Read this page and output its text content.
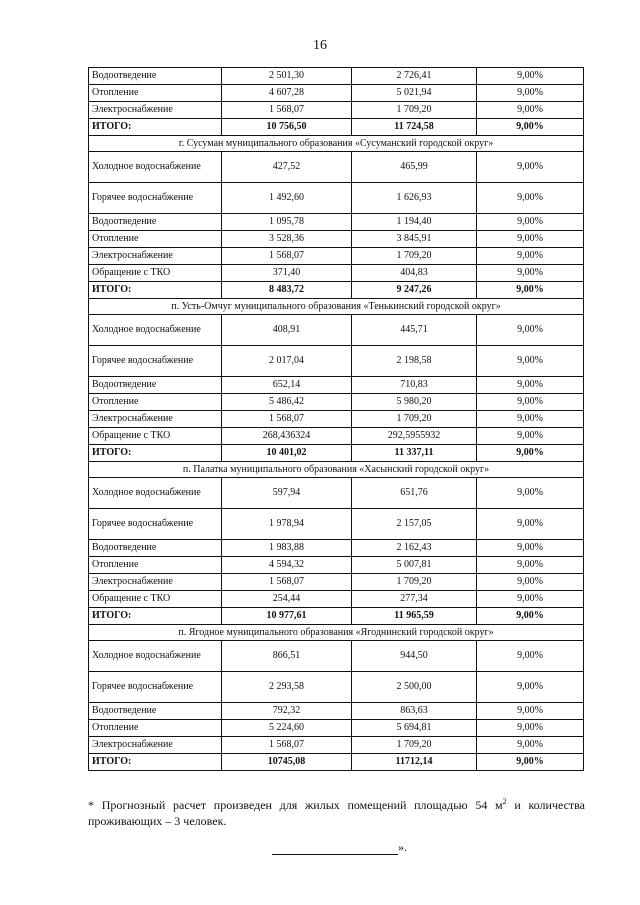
16
Водоотведение	2 501,30	2 726,41	9,00%
Отопление	4 607,28	5 021,94	9,00%
Электроснабжение	1 568,07	1 709,20	9,00%
ИТОГО:	10 756,50	11 724,58	9,00%
г. Сусуман муниципального образования «Сусуманский городской округ»			
Холодное водоснабжение	427,52	465,99	9,00%
Горячее водоснабжение	1 492,60	1 626,93	9,00%
Водоотведение	1 095,78	1 194,40	9,00%
Отопление	3 528,36	3 845,91	9,00%
Электроснабжение	1 568,07	1 709,20	9,00%
Обращение с ТКО	371,40	404,83	9,00%
ИТОГО:	8 483,72	9 247,26	9,00%
п. Усть-Омчуг муниципального образования «Тенькинский городской округ»			
Холодное водоснабжение	408,91	445,71	9,00%
Горячее водоснабжение	2 017,04	2 198,58	9,00%
Водоотведение	652,14	710,83	9,00%
Отопление	5 486,42	5 980,20	9,00%
Электроснабжение	1 568,07	1 709,20	9,00%
Обращение с ТКО	268,436324	292,5955932	9,00%
ИТОГО:	10 401,02	11 337,11	9,00%
п. Палатка муниципального образования «Хасынский городской округ»			
Холодное водоснабжение	597,94	651,76	9,00%
Горячее водоснабжение	1 978,94	2 157,05	9,00%
Водоотведение	1 983,88	2 162,43	9,00%
Отопление	4 594,32	5 007,81	9,00%
Электроснабжение	1 568,07	1 709,20	9,00%
Обращение с ТКО	254,44	277,34	9,00%
ИТОГО:	10 977,61	11 965,59	9,00%
п. Ягодное муниципального образования «Ягоднинский городской округ»			
Холодное водоснабжение	866,51	944,50	9,00%
Горячее водоснабжение	2 293,58	2 500,00	9,00%
Водоотведение	792,32	863,63	9,00%
Отопление	5 224,60	5 694,81	9,00%
Электроснабжение	1 568,07	1 709,20	9,00%
ИТОГО:	10745,08	11712,14	9,00%
* Прогнозный расчет произведен для жилых помещений площадью 54 $м^2$ и количества проживающих – 3 человек.
».
